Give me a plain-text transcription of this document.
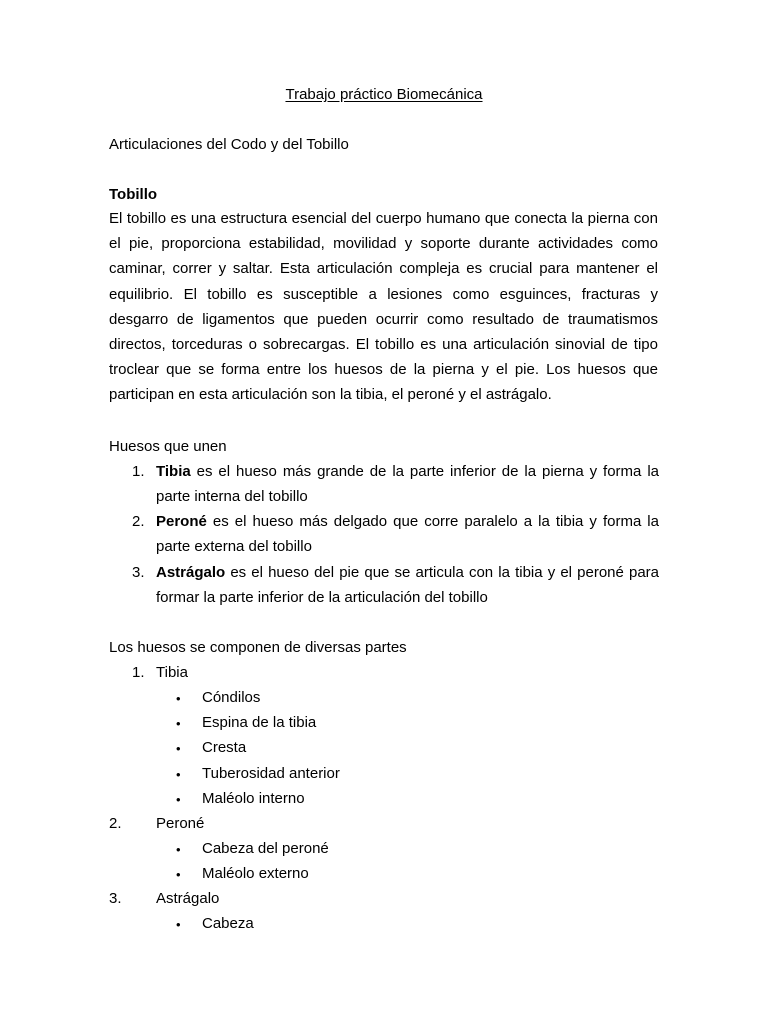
Trabajo práctico Biomecánica
Articulaciones del Codo y del Tobillo
Tobillo

El tobillo es una estructura esencial del cuerpo humano que conecta la pierna con el pie, proporciona estabilidad, movilidad y soporte durante actividades como caminar, correr y saltar. Esta articulación compleja es crucial para mantener el equilibrio. El tobillo es susceptible a lesiones como esguinces, fracturas y desgarro de ligamentos que pueden ocurrir como resultado de traumatismos directos, torceduras o sobrecargas. El tobillo es una articulación sinovial de tipo troclear que se forma entre los huesos de la pierna y el pie. Los huesos que participan en esta articulación son la tibia, el peroné y el astrágalo.

Huesos que unen
1. Tibia es el hueso más grande de la parte inferior de la pierna y forma la parte interna del tobillo

2. Peroné es el hueso más delgado que corre paralelo a la tibia y forma la parte externa del tobillo

3. Astrágalo es el hueso del pie que se articula con la tibia y el peroné para formar la parte inferior de la articulación del tobillo

Los huesos se componen de diversas partes
1. Tibia
• Cóndilos
• Espina de la tibia
• Cresta
• Tuberosidad anterior
• Maléolo interno
2. Peroné
• Cabeza del peroné
• Maléolo externo
3. Astrágalo
• Cabeza
